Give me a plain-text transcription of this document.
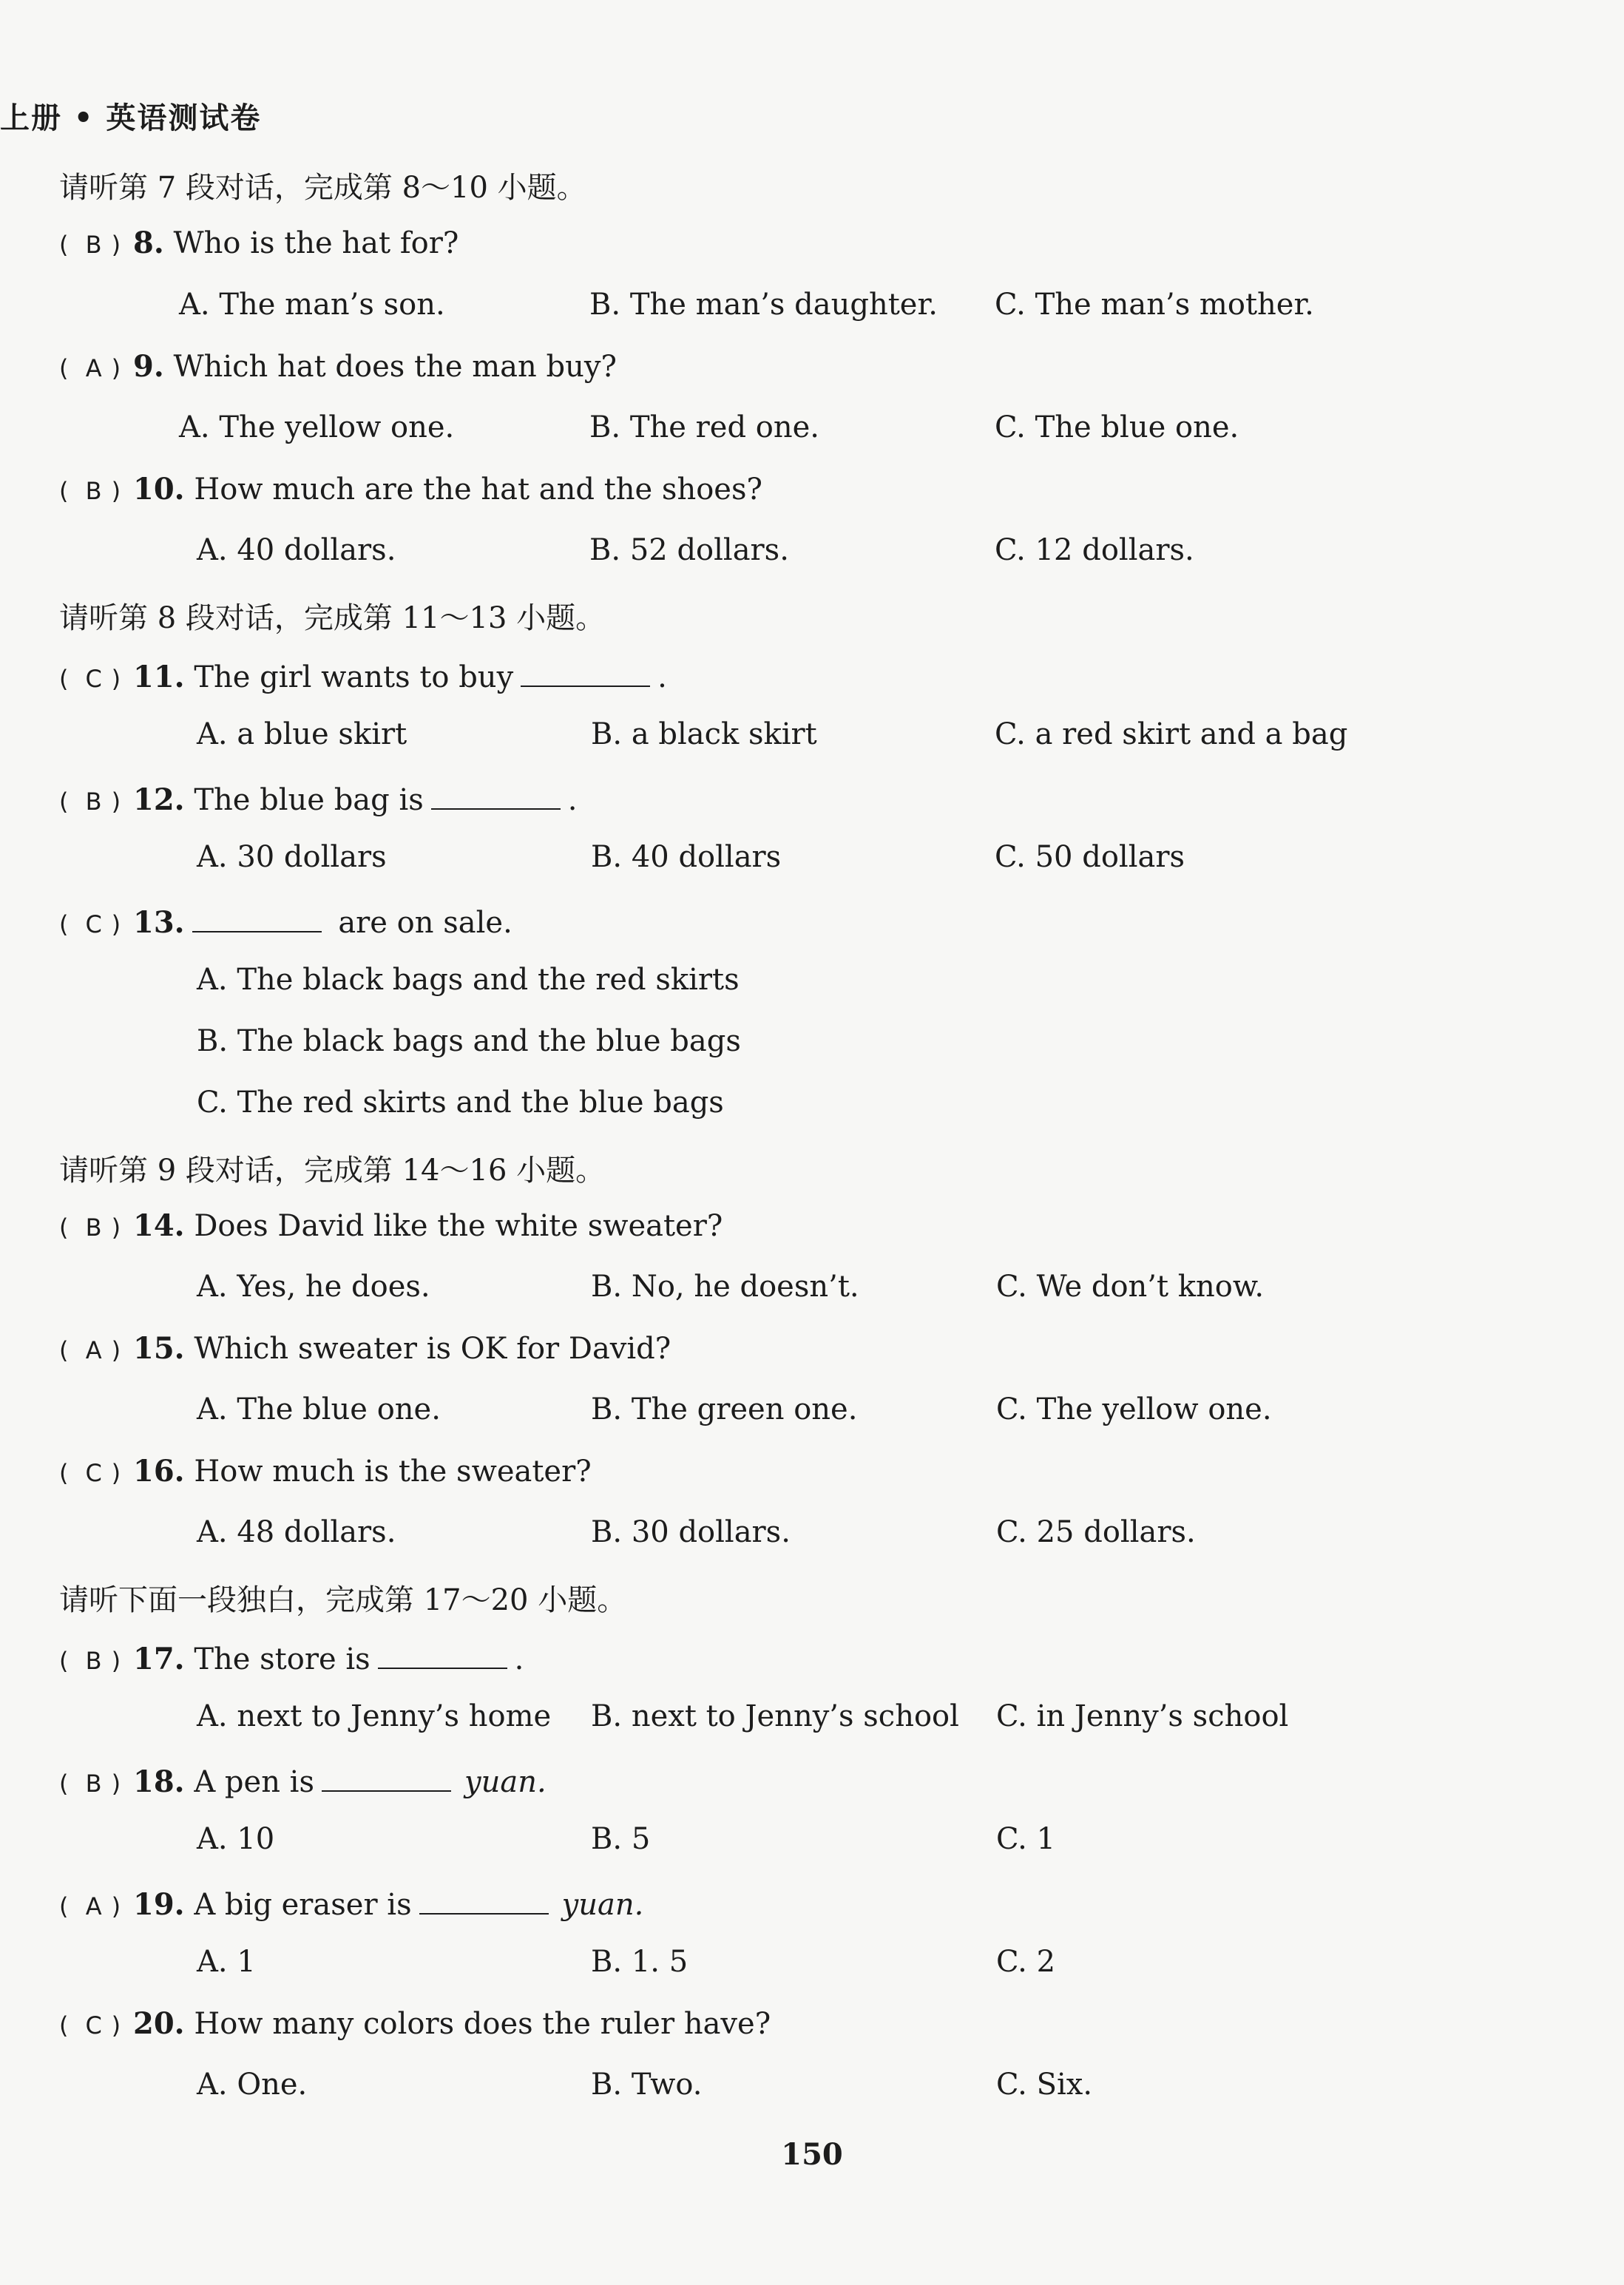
上册 • 英语测试卷
请听第 7 段对话，完成第 8～10 小题。
( B ) 8. Who is the hat for?
A. The man’s son.	B. The man’s daughter. C. The man’s mother.
( A ) 9. Which hat does the man buy?
A. The yellow one.	B. The red one.	C. The blue one.
( B ) 10. How much are the hat and the shoes?
A. 40 dollars.	B. 52 dollars.	C. 12 dollars.
请听第 8 段对话，完成第 11～13 小题。
( C ) 11. The girl wants to buy	.
A. a blue skirt	B. a black skirt	C. a red skirt and a bag
( B ) 12. The blue bag is	.
A. 30 dollars	B. 40 dollars	C. 50 dollars
( C ) 13.	are on sale.
A. The black bags and the red skirts
B. The black bags and the blue bags
C. The red skirts and the blue bags
请听第 9 段对话，完成第 14～16 小题。
( B ) 14. Does David like the white sweater?
A. Yes, he does.	B. No, he doesn’t.	C. We don’t know.
( A ) 15. Which sweater is OK for David?
A. The blue one.	B. The green one.	C. The yellow one.
( C ) 16. How much is the sweater?
A. 48 dollars.	B. 30 dollars.	C. 25 dollars.
请听下面一段独白，完成第 17～20 小题。
( B ) 17. The store is	.
A. next to Jenny’s home B. next to Jenny’s school C. in Jenny’s school
( B ) 18. A pen is	yuan.
A. 10	B. 5	C. 1
( A ) 19. A big eraser is	yuan.
A. 1	B. 1. 5	C. 2
( C ) 20. How many colors does the ruler have?
A. One.	B. Two.	C. Six.
150
